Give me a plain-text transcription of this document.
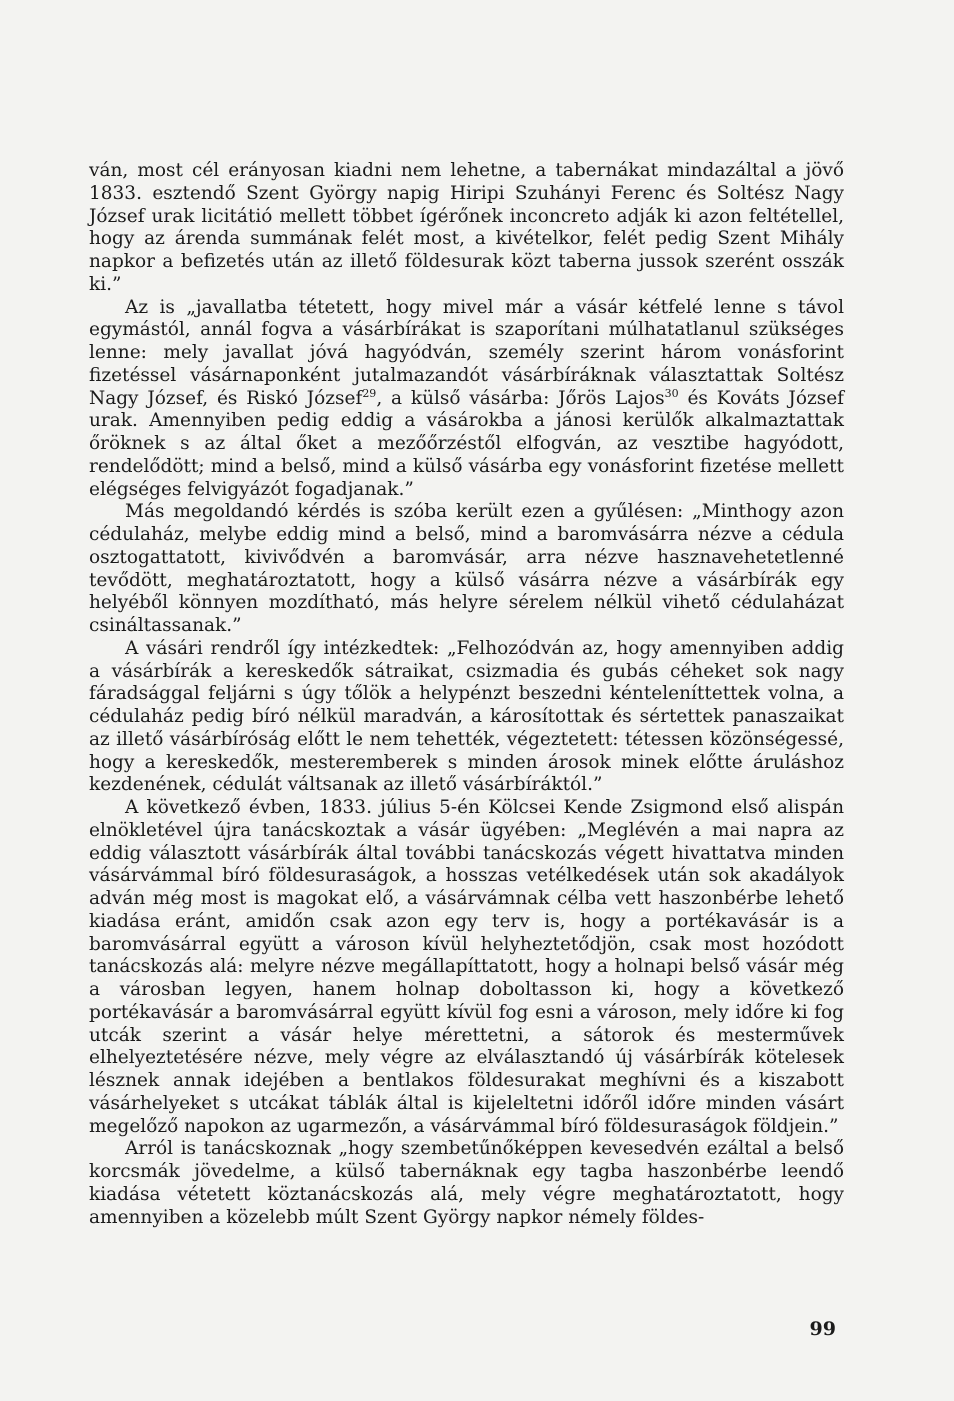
ván, most cél erányosan kiadni nem lehetne, a tabernákat mindazáltal a jövő 1833. esztendő Szent György napig Hiripi Szuhányi Ferenc és Soltész Nagy József urak licitátió mellett többet ígérőnek inconcreto adják ki azon feltétellel, hogy az árenda summának felét most, a kivételkor, felét pedig Szent Mihály napkor a befizetés után az illető földesurak közt taberna jussok szerént osszák ki.”

Az is „javallatba tétetett, hogy mivel már a vásár kétfelé lenne s távol egymástól, annál fogva a vásárbírákat is szaporítani múlhatatlanul szükséges lenne: mely javallat jóvá hagyódván, személy szerint három vonásforint fizetéssel vásárnaponként jutalmazandót vásárbíráknak választattak Soltész Nagy József, és Riskó József$^{29}$, a külső vásárba: Jőrös Lajos$^{30}$ és Kováts József urak. Amennyiben pedig eddig a vásárokba a jánosi kerülők alkalmaztattak őröknek s az által őket a mezőőrzéstől elfogván, az vesztibe hagyódott, rendelődött; mind a belső, mind a külső vásárba egy vonásforint fizetése mellett elégséges felvigyázót fogadjanak.”

Más megoldandó kérdés is szóba került ezen a gyűlésen: „Minthogy azon cédulaház, melybe eddig mind a belső, mind a baromvásárra nézve a cédula osztogattatott, kivivődvén a baromvásár, arra nézve hasznavehetetlenné tevődött, meghatároztatott, hogy a külső vásárra nézve a vásárbírák egy helyéből könnyen mozdítható, más helyre sérelem nélkül vihető cédulaházat csináltassanak.”

A vásári rendről így intézkedtek: „Felhozódván az, hogy amennyiben addig a vásárbírák a kereskedők sátraikat, csizmadia és gubás céheket sok nagy fáradsággal feljárni s úgy tőlök a helypénzt beszedni kénteleníttettek volna, a cédulaház pedig bíró nélkül maradván, a károsítottak és sértettek panaszaikat az illető vásárbíróság előtt le nem tehették, végeztetett: tétessen közönségessé, hogy a kereskedők, mesteremberek s minden árosok minek előtte áruláshoz kezdenének, cédulát váltsanak az illető vásárbíráktól.”

A következő évben, 1833. július 5-én Kölcsei Kende Zsigmond első alispán elnökletével újra tanácskoztak a vásár ügyében: „Meglévén a mai napra az eddig választott vásárbírák által további tanácskozás végett hivattatva minden vásárvámmal bíró földesuraságok, a hosszas vetélkedések után sok akadályok adván még most is magokat elő, a vásárvámnak célba vett haszonbérbe lehető kiadása eránt, amidőn csak azon egy terv is, hogy a portékavásár is a baromvásárral együtt a városon kívül helyheztetődjön, csak most hozódott tanácskozás alá: melyre nézve megállapíttatott, hogy a holnapi belső vásár még a városban legyen, hanem holnap doboltasson ki, hogy a következő portékavásár a baromvásárral együtt kívül fog esni a városon, mely időre ki fog utcák szerint a vásár helye mérettetni, a sátorok és mesterművek elhelyeztetésére nézve, mely végre az elválasztandó új vásárbírák kötelesek lésznek annak idejében a bentlakos földesurakat meghívni és a kiszabott vásárhelyeket s utcákat táblák által is kijeleltetni időről időre minden vásárt megelőző napokon az ugarmezőn, a vásárvámmal bíró földesuraságok földjein.”

Arról is tanácskoznak „hogy szembetűnőképpen kevesedvén ezáltal a belső korcsmák jövedelme, a külső tabernáknak egy tagba haszonbérbe leendő kiadása vétetett köztanácskozás alá, mely végre meghatároztatott, hogy amennyiben a közelebb múlt Szent György napkor némely földes-

99
